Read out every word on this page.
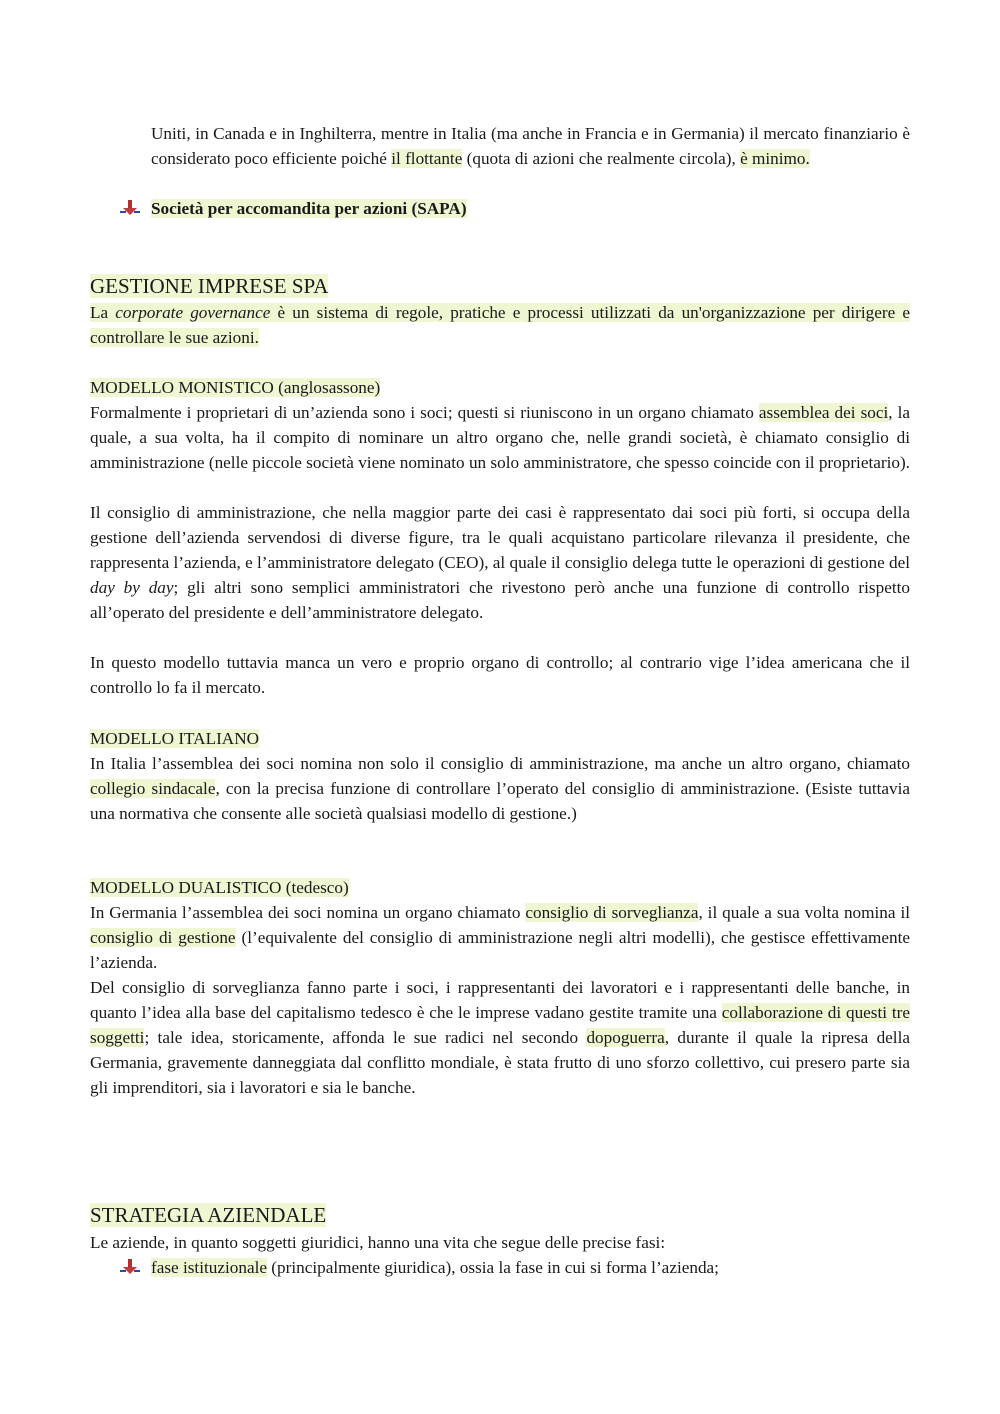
Uniti, in Canada e in Inghilterra, mentre in Italia (ma anche in Francia e in Germania) il mercato finanziario è considerato poco efficiente poiché il flottante (quota di azioni che realmente circola), è minimo.
Società per accomandita per azioni (SAPA)
GESTIONE IMPRESE SPA
La corporate governance è un sistema di regole, pratiche e processi utilizzati da un'organizzazione per dirigere e controllare le sue azioni.
MODELLO MONISTICO (anglosassone)
Formalmente i proprietari di un’azienda sono i soci; questi si riuniscono in un organo chiamato assemblea dei soci, la quale, a sua volta, ha il compito di nominare un altro organo che, nelle grandi società, è chiamato consiglio di amministrazione (nelle piccole società viene nominato un solo amministratore, che spesso coincide con il proprietario).
Il consiglio di amministrazione, che nella maggior parte dei casi è rappresentato dai soci più forti, si occupa della gestione dell’azienda servendosi di diverse figure, tra le quali acquistano particolare rilevanza il presidente, che rappresenta l’azienda, e l’amministratore delegato (CEO), al quale il consiglio delega tutte le operazioni di gestione del day by day; gli altri sono semplici amministratori che rivestono però anche una funzione di controllo rispetto all’operato del presidente e dell’amministratore delegato.
In questo modello tuttavia manca un vero e proprio organo di controllo; al contrario vige l’idea americana che il controllo lo fa il mercato.
MODELLO ITALIANO
In Italia l’assemblea dei soci nomina non solo il consiglio di amministrazione, ma anche un altro organo, chiamato collegio sindacale, con la precisa funzione di controllare l’operato del consiglio di amministrazione. (Esiste tuttavia una normativa che consente alle società qualsiasi modello di gestione.)
MODELLO DUALISTICO (tedesco)
In Germania l’assemblea dei soci nomina un organo chiamato consiglio di sorveglianza, il quale a sua volta nomina il consiglio di gestione (l’equivalente del consiglio di amministrazione negli altri modelli), che gestisce effettivamente l’azienda.
Del consiglio di sorveglianza fanno parte i soci, i rappresentanti dei lavoratori e i rappresentanti delle banche, in quanto l’idea alla base del capitalismo tedesco è che le imprese vadano gestite tramite una collaborazione di questi tre soggetti; tale idea, storicamente, affonda le sue radici nel secondo dopoguerra, durante il quale la ripresa della Germania, gravemente danneggiata dal conflitto mondiale, è stata frutto di uno sforzo collettivo, cui presero parte sia gli imprenditori, sia i lavoratori e sia le banche.
STRATEGIA AZIENDALE
Le aziende, in quanto soggetti giuridici, hanno una vita che segue delle precise fasi:
fase istituzionale (principalmente giuridica), ossia la fase in cui si forma l’azienda;
